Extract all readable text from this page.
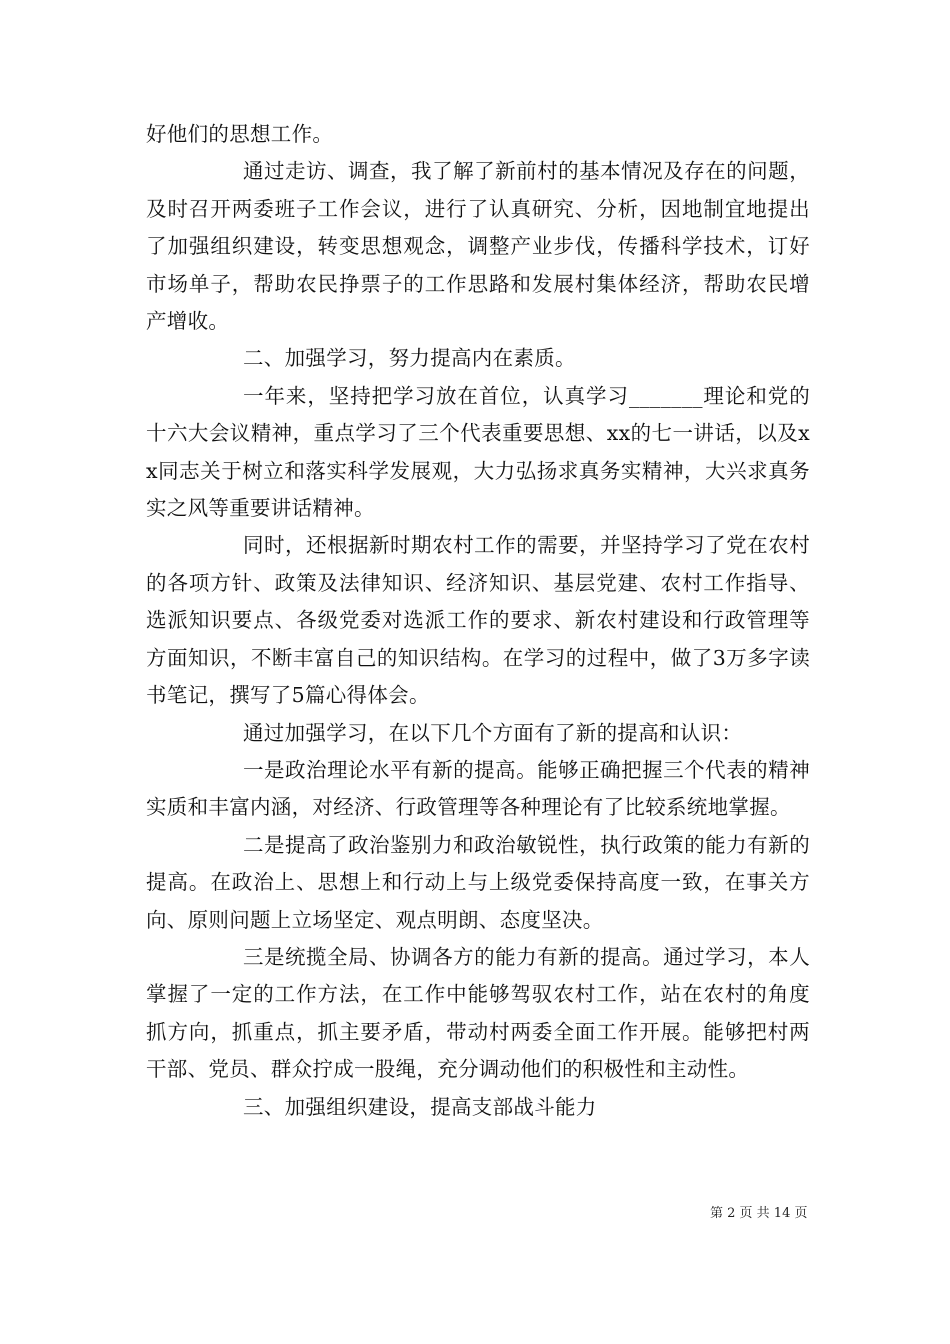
好他们的思想工作。

通过走访、调查，我了解了新前村的基本情况及存在的问题，及时召开两委班子工作会议，进行了认真研究、分析，因地制宜地提出了加强组织建设，转变思想观念，调整产业步伐，传播科学技术，订好市场单子，帮助农民挣票子的工作思路和发展村集体经济，帮助农民增产增收。

二、加强学习，努力提高内在素质。

一年来，坚持把学习放在首位，认真学习_______理论和党的十六大会议精神，重点学习了三个代表重要思想、xx的七一讲话，以及xx同志关于树立和落实科学发展观，大力弘扬求真务实精神，大兴求真务实之风等重要讲话精神。

同时，还根据新时期农村工作的需要，并坚持学习了党在农村的各项方针、政策及法律知识、经济知识、基层党建、农村工作指导、选派知识要点、各级党委对选派工作的要求、新农村建设和行政管理等方面知识，不断丰富自己的知识结构。在学习的过程中，做了3万多字读书笔记，撰写了5篇心得体会。

通过加强学习，在以下几个方面有了新的提高和认识：

一是政治理论水平有新的提高。能够正确把握三个代表的精神实质和丰富内涵，对经济、行政管理等各种理论有了比较系统地掌握。

二是提高了政治鉴别力和政治敏锐性，执行政策的能力有新的提高。在政治上、思想上和行动上与上级党委保持高度一致，在事关方向、原则问题上立场坚定、观点明朗、态度坚决。

三是统揽全局、协调各方的能力有新的提高。通过学习，本人掌握了一定的工作方法，在工作中能够驾驭农村工作，站在农村的角度抓方向，抓重点，抓主要矛盾，带动村两委全面工作开展。能够把村两干部、党员、群众拧成一股绳，充分调动他们的积极性和主动性。

三、加强组织建设，提高支部战斗能力

第 2 页 共 14 页
